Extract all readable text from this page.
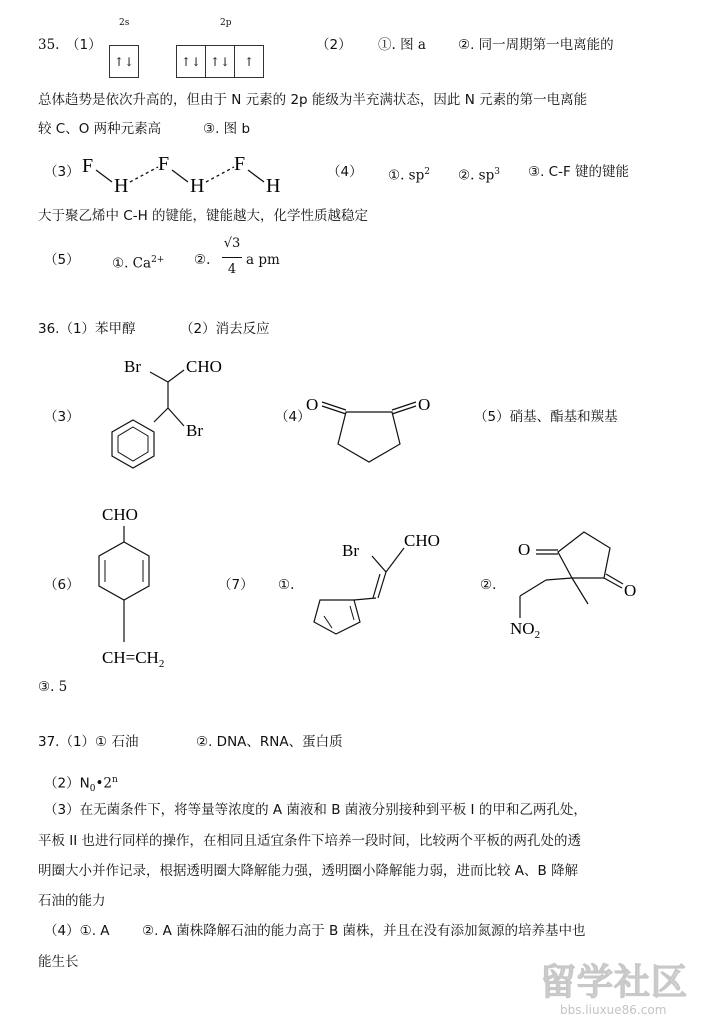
35. （1）
2s	2p
↑↓	↑↓ ↑↓	↑
（2） ①. 图 a ②. 同一周期第一电离能的
总体趋势是依次升高的，但由于 N 元素的 2p 能级为半充满状态，因此 N 元素的第一电离能
较 C、O 两种元素高	③. 图 b
（3） F
H
F
H
F
H
（4） ①. $sp^2$ ②. $sp^3$ ③. C-F 键的键能
大于聚乙烯中 C-H 的键能，键能越大，化学性质越稳定
（5） ①. $Ca^{2+}$ ②.
√3
4
a pm
36.（1）苯甲醇	（2）消去反应
（3）
Br	CHO
Br
（4）
O	O
（5）硝基、酯基和羰基
（6）
CHO
$CH=CH_2$
（7） ①.
Br
CHO
②.
O
O
$NO_2$
③. 5
37.（1）① 石油	②. DNA、RNA、蛋白质
$(2)N_0•2^n$
（3）在无菌条件下，将等量等浓度的 A 菌液和 B 菌液分别接种到平板 I 的甲和乙两孔处，
平板 II 也进行同样的操作，在相同且适宜条件下培养一段时间，比较两个平板的两孔处的透
明圈大小并作记录，根据透明圈大降解能力强，透明圈小降解能力弱，进而比较 A、B 降解
石油的能力
（4）①. A ②. A 菌株降解石油的能力高于 B 菌株，并且在没有添加氮源的培养基中也
能生长	留学社区
bbs.liuxue86.com
